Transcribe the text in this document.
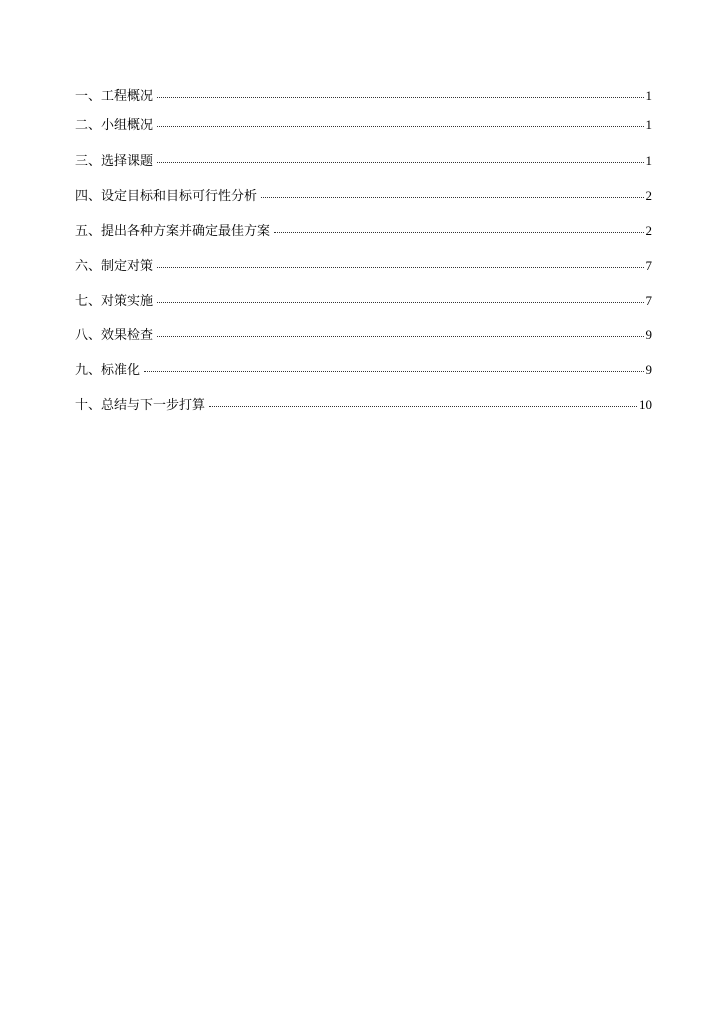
一、工程概况	1
二、小组概况	1
三、选择课题	1
四、设定目标和目标可行性分析	2
五、提出各种方案并确定最佳方案	2
六、制定对策	7
七、对策实施	7
八、效果检查	9
九、标准化	9
十、总结与下一步打算	10
